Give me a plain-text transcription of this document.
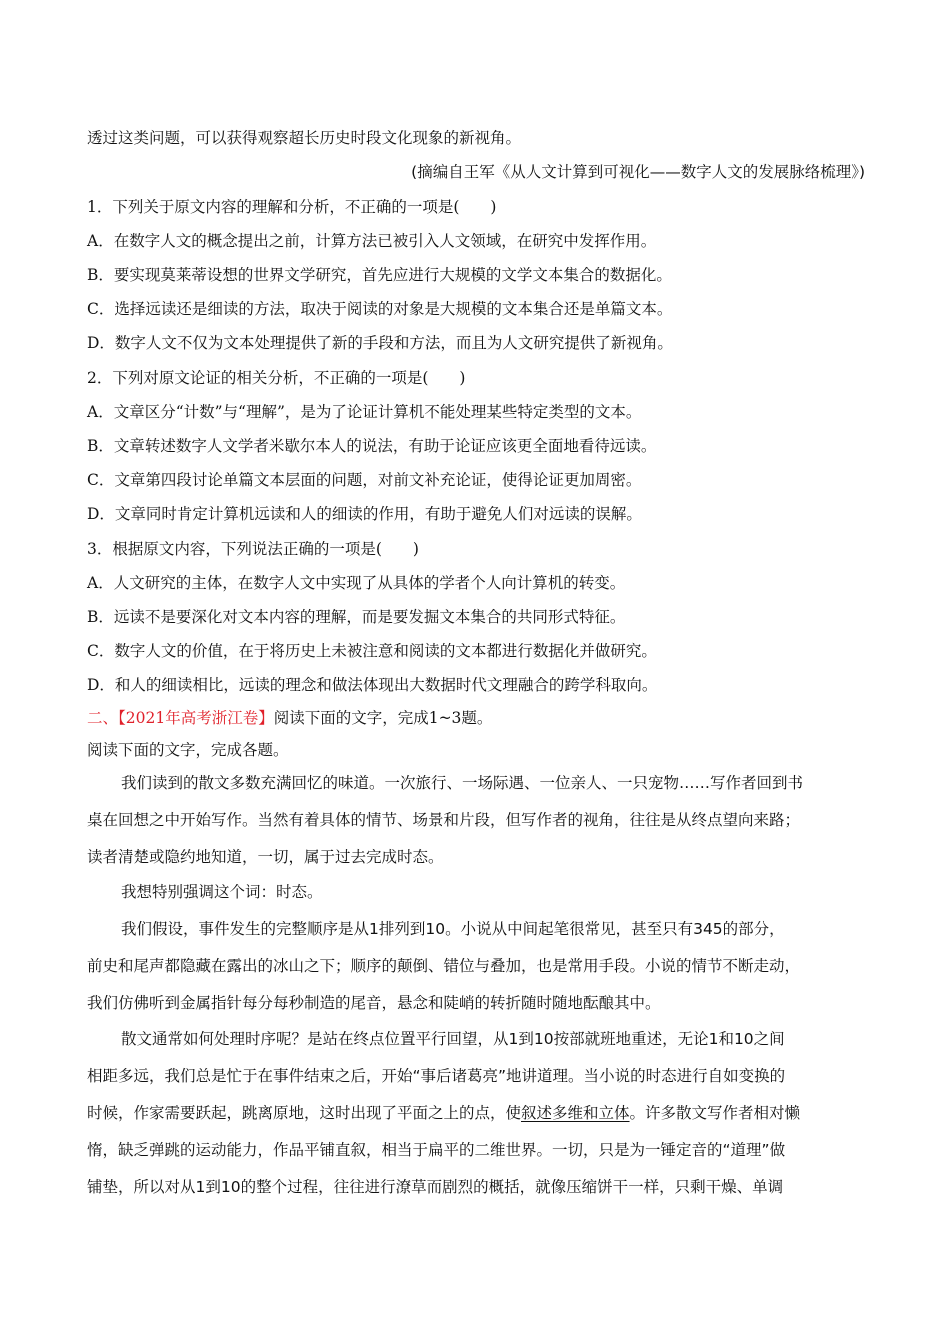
透过这类问题，可以获得观察超长历史时段文化现象的新视角。
(摘编自王军《从人文计算到可视化——数字人文的发展脉络梳理》)
1．下列关于原文内容的理解和分析，不正确的一项是(　　)
A．在数字人文的概念提出之前，计算方法已被引入人文领域，在研究中发挥作用。
B．要实现莫莱蒂设想的世界文学研究，首先应进行大规模的文学文本集合的数据化。
C．选择远读还是细读的方法，取决于阅读的对象是大规模的文本集合还是单篇文本。
D．数字人文不仅为文本处理提供了新的手段和方法，而且为人文研究提供了新视角。
2．下列对原文论证的相关分析，不正确的一项是(　　)
A．文章区分“计数”与“理解”，是为了论证计算机不能处理某些特定类型的文本。
B．文章转述数字人文学者米歇尔本人的说法，有助于论证应该更全面地看待远读。
C．文章第四段讨论单篇文本层面的问题，对前文补充论证，使得论证更加周密。
D．文章同时肯定计算机远读和人的细读的作用，有助于避免人们对远读的误解。
3．根据原文内容，下列说法正确的一项是(　　)
A．人文研究的主体，在数字人文中实现了从具体的学者个人向计算机的转变。
B．远读不是要深化对文本内容的理解，而是要发掘文本集合的共同形式特征。
C．数字人文的价值，在于将历史上未被注意和阅读的文本都进行数据化并做研究。
D．和人的细读相比，远读的理念和做法体现出大数据时代文理融合的跨学科取向。
二、【2021年高考浙江卷】阅读下面的文字，完成1~3题。
阅读下面的文字，完成各题。
我们读到的散文多数充满回忆的味道。一次旅行、一场际遇、一位亲人、一只宠物……写作者回到书
桌在回想之中开始写作。当然有着具体的情节、场景和片段，但写作者的视角，往往是从终点望向来路；
读者清楚或隐约地知道，一切，属于过去完成时态。
我想特别强调这个词：时态。
我们假设，事件发生的完整顺序是从1排列到10。小说从中间起笔很常见，甚至只有345的部分，
前史和尾声都隐藏在露出的冰山之下；顺序的颠倒、错位与叠加，也是常用手段。小说的情节不断走动，
我们仿佛听到金属指针每分每秒制造的尾音，悬念和陡峭的转折随时随地酝酿其中。
散文通常如何处理时序呢？是站在终点位置平行回望，从1到10按部就班地重述，无论1和10之间
相距多远，我们总是忙于在事件结束之后，开始“事后诸葛亮”地讲道理。当小说的时态进行自如变换的
时候，作家需要跃起，跳离原地，这时出现了平面之上的点，使叙述多维和立体。许多散文写作者相对懒
惰，缺乏弹跳的运动能力，作品平铺直叙，相当于扁平的二维世界。一切，只是为一锤定音的“道理”做
铺垫，所以对从1到10的整个过程，往往进行潦草而剧烈的概括，就像压缩饼干一样，只剩干燥、单调
